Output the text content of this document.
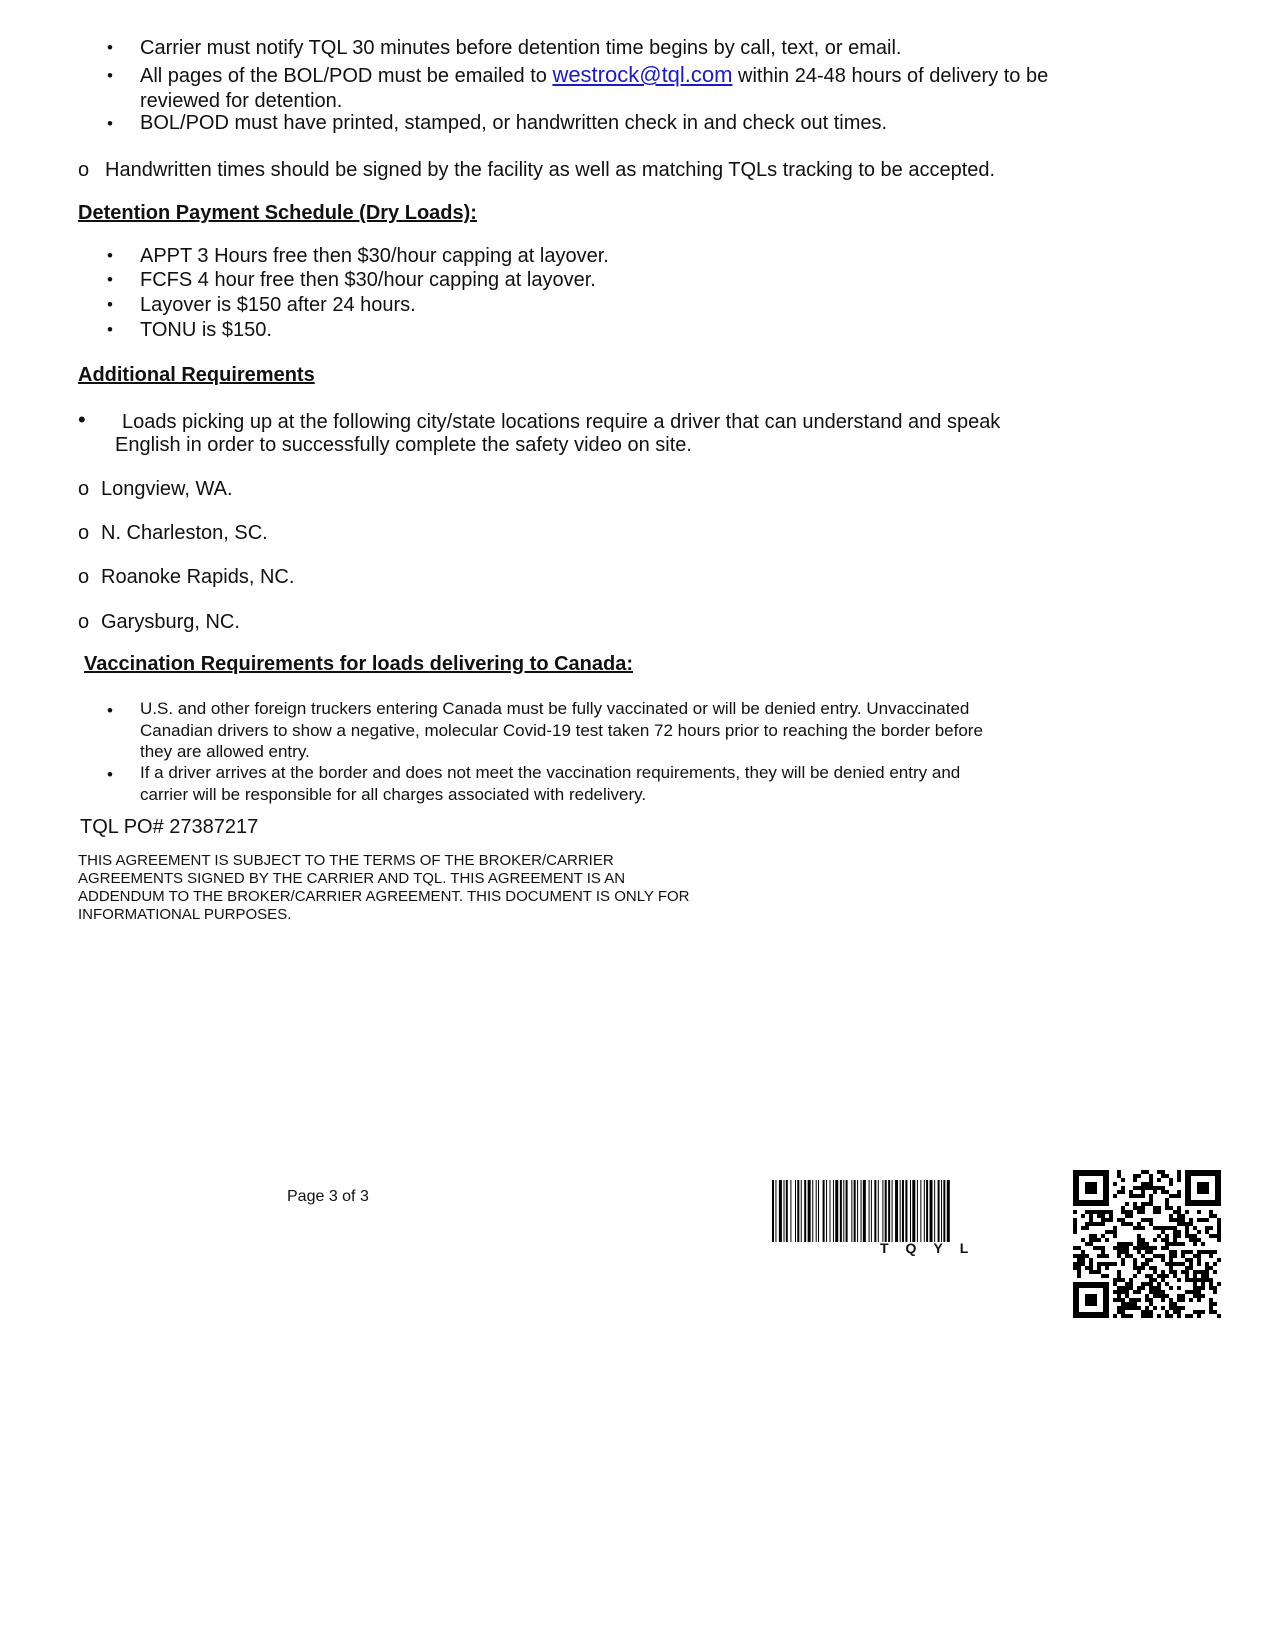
• Carrier must notify TQL 30 minutes before detention time begins by call, text, or email.
• All pages of the BOL/POD must be emailed to westrock@tql.com within 24-48 hours of delivery to be
reviewed for detention.
• BOL/POD must have printed, stamped, or handwritten check in and check out times.
o Handwritten times should be signed by the facility as well as matching TQLs tracking to be accepted.
Detention Payment Schedule (Dry Loads):
• APPT 3 Hours free then $30/hour capping at layover.
• FCFS 4 hour free then $30/hour capping at layover.
• Layover is $150 after 24 hours.
• TONU is $150.
Additional Requirements
• Loads picking up at the following city/state locations require a driver that can understand and speak
English in order to successfully complete the safety video on site.
o Longview, WA.
o N. Charleston, SC.
o Roanoke Rapids, NC.
o Garysburg, NC.
Vaccination Requirements for loads delivering to Canada:
• U.S. and other foreign truckers entering Canada must be fully vaccinated or will be denied entry. Unvaccinated
Canadian drivers to show a negative, molecular Covid-19 test taken 72 hours prior to reaching the border before
they are allowed entry.
• If a driver arrives at the border and does not meet the vaccination requirements, they will be denied entry and
carrier will be responsible for all charges associated with redelivery.
TQL PO# 27387217
THIS AGREEMENT IS SUBJECT TO THE TERMS OF THE BROKER/CARRIER
AGREEMENTS SIGNED BY THE CARRIER AND TQL. THIS AGREEMENT IS AN
ADDENDUM TO THE BROKER/CARRIER AGREEMENT. THIS DOCUMENT IS ONLY FOR
INFORMATIONAL PURPOSES.
Page 3 of 3
TQYL
